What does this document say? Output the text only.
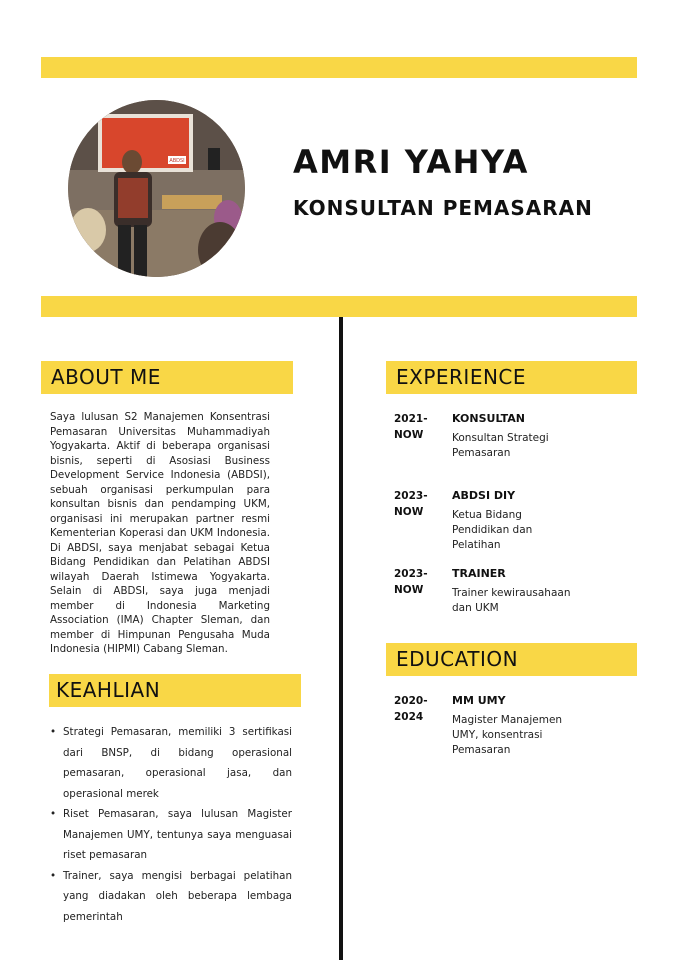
ABDSI	AMRI YAHYA
KONSULTAN PEMASARAN
ABOUT ME

Saya lulusan S2 Manajemen Konsentrasi Pemasaran Universitas Muhammadiyah Yogyakarta. Aktif di beberapa organisasi bisnis, seperti di Asosiasi Business Development Service Indonesia (ABDSI), sebuah organisasi perkumpulan para konsultan bisnis dan pendamping UKM, organisasi ini merupakan partner resmi Kementerian Koperasi dan UKM Indonesia. Di ABDSI, saya menjabat sebagai Ketua Bidang Pendidikan dan Pelatihan ABDSI wilayah Daerah Istimewa Yogyakarta. Selain di ABDSI, saya juga menjadi member di Indonesia Marketing Association (IMA) Chapter Sleman, dan member di Himpunan Pengusaha Muda Indonesia (HIPMI) Cabang Sleman.

KEAHLIAN
• Strategi Pemasaran, memiliki 3 sertifikasi dari BNSP, di bidang operasional pemasaran, operasional jasa, dan operasional merek
• Riset Pemasaran, saya lulusan Magister Manajemen UMY, tentunya saya menguasai riset pemasaran
• Trainer, saya mengisi berbagai pelatihan yang diadakan oleh beberapa lembaga pemerintah
EXPERIENCE
2021-
NOW
KONSULTAN
Konsultan Strategi
Pemasaran
2023-
NOW
ABDSI DIY
Ketua Bidang
Pendidikan dan
Pelatihan
2023-
NOW
TRAINER
Trainer kewirausahaan
dan UKM
EDUCATION
2020-
2024
MM UMY
Magister Manajemen
UMY, konsentrasi
Pemasaran
